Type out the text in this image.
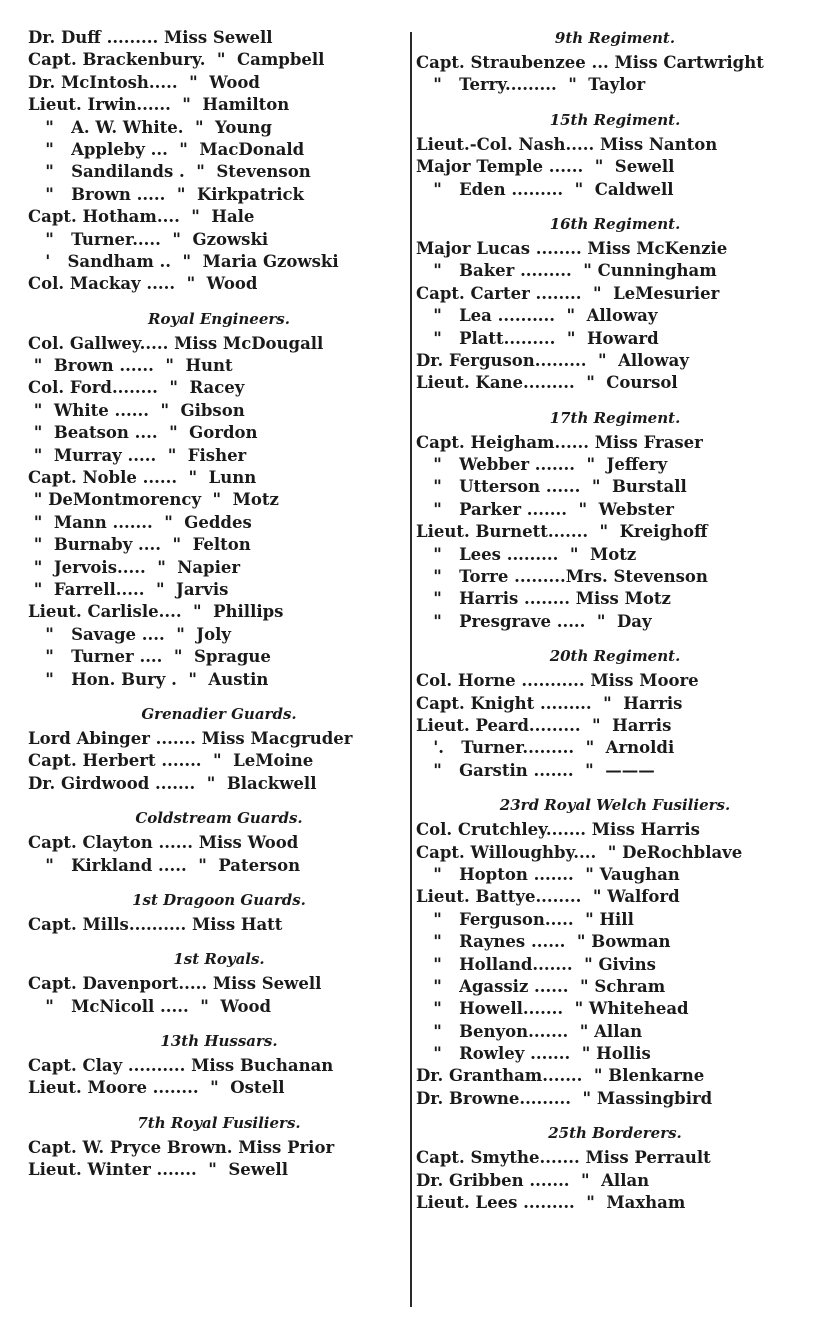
Dr. Duff ......... Miss Sewell
Capt. Brackenbury.  "  Campbell
Dr. McIntosh.....  "  Wood
Lieut. Irwin......  "  Hamilton
"   A. W. White.  "  Young
"   Appleby ...  "  MacDonald
"   Sandilands .  "  Stevenson
"   Brown .....  "  Kirkpatrick
Capt. Hotham....  "  Hale
"   Turner.....  "  Gzowski
'   Sandham ..  "  Maria Gzowski
Col. Mackay .....  "  Wood
Royal Engineers.
Col. Gallwey..... Miss McDougall
"  Brown ......  "  Hunt
Col. Ford........  "  Racey
"  White ......  "  Gibson
"  Beatson ....  "  Gordon
"  Murray .....  "  Fisher
Capt. Noble ......  "  Lunn
" DeMontmorency  "  Motz
"  Mann .......  "  Geddes
"  Burnaby ....  "  Felton
"  Jervois.....  "  Napier
"  Farrell.....  "  Jarvis
Lieut. Carlisle....  "  Phillips
"   Savage ....  "  Joly
"   Turner ....  "  Sprague
"   Hon. Bury .  "  Austin
Grenadier Guards.
Lord Abinger ....... Miss Macgruder
Capt. Herbert .......  "  LeMoine
Dr. Girdwood .......  "  Blackwell
Coldstream Guards.
Capt. Clayton ...... Miss Wood
"   Kirkland .....  "  Paterson
1st Dragoon Guards.
Capt. Mills.......... Miss Hatt
1st Royals.
Capt. Davenport..... Miss Sewell
"   McNicoll .....  "  Wood
13th Hussars.
Capt. Clay .......... Miss Buchanan
Lieut. Moore ........  "  Ostell
7th Royal Fusiliers.
Capt. W. Pryce Brown. Miss Prior
Lieut. Winter .......  "  Sewell
9th Regiment.
Capt. Straubenzee ... Miss Cartwright
"   Terry.........  "  Taylor
15th Regiment.
Lieut.-Col. Nash..... Miss Nanton
Major Temple ......  "  Sewell
"   Eden .........  "  Caldwell
16th Regiment.
Major Lucas ........ Miss McKenzie
"   Baker .........  " Cunningham
Capt. Carter ........  "  LeMesurier
"   Lea ..........  "  Alloway
"   Platt.........  "  Howard
Dr. Ferguson.........  "  Alloway
Lieut. Kane.........  "  Coursol
17th Regiment.
Capt. Heigham...... Miss Fraser
"   Webber .......  "  Jeffery
"   Utterson ......  "  Burstall
"   Parker .......  "  Webster
Lieut. Burnett.......  "  Kreighoff
"   Lees .........  "  Motz
"   Torre .........Mrs. Stevenson
"   Harris ........ Miss Motz
"   Presgrave .....  "  Day
20th Regiment.
Col. Horne ........... Miss Moore
Capt. Knight .........  "  Harris
Lieut. Peard.........  "  Harris
'.   Turner.........  "  Arnoldi
"   Garstin .......  "  ———
23rd Royal Welch Fusiliers.
Col. Crutchley....... Miss Harris
Capt. Willoughby....  " DeRochblave
"   Hopton .......  " Vaughan
Lieut. Battye........  " Walford
"   Ferguson.....  " Hill
"   Raynes ......  " Bowman
"   Holland.......  " Givins
"   Agassiz ......  " Schram
"   Howell.......  " Whitehead
"   Benyon.......  " Allan
"   Rowley .......  " Hollis
Dr. Grantham.......  " Blenkarne
Dr. Browne.........  " Massingbird
25th Borderers.
Capt. Smythe....... Miss Perrault
Dr. Gribben .......  "  Allan
Lieut. Lees .........  "  Maxham
